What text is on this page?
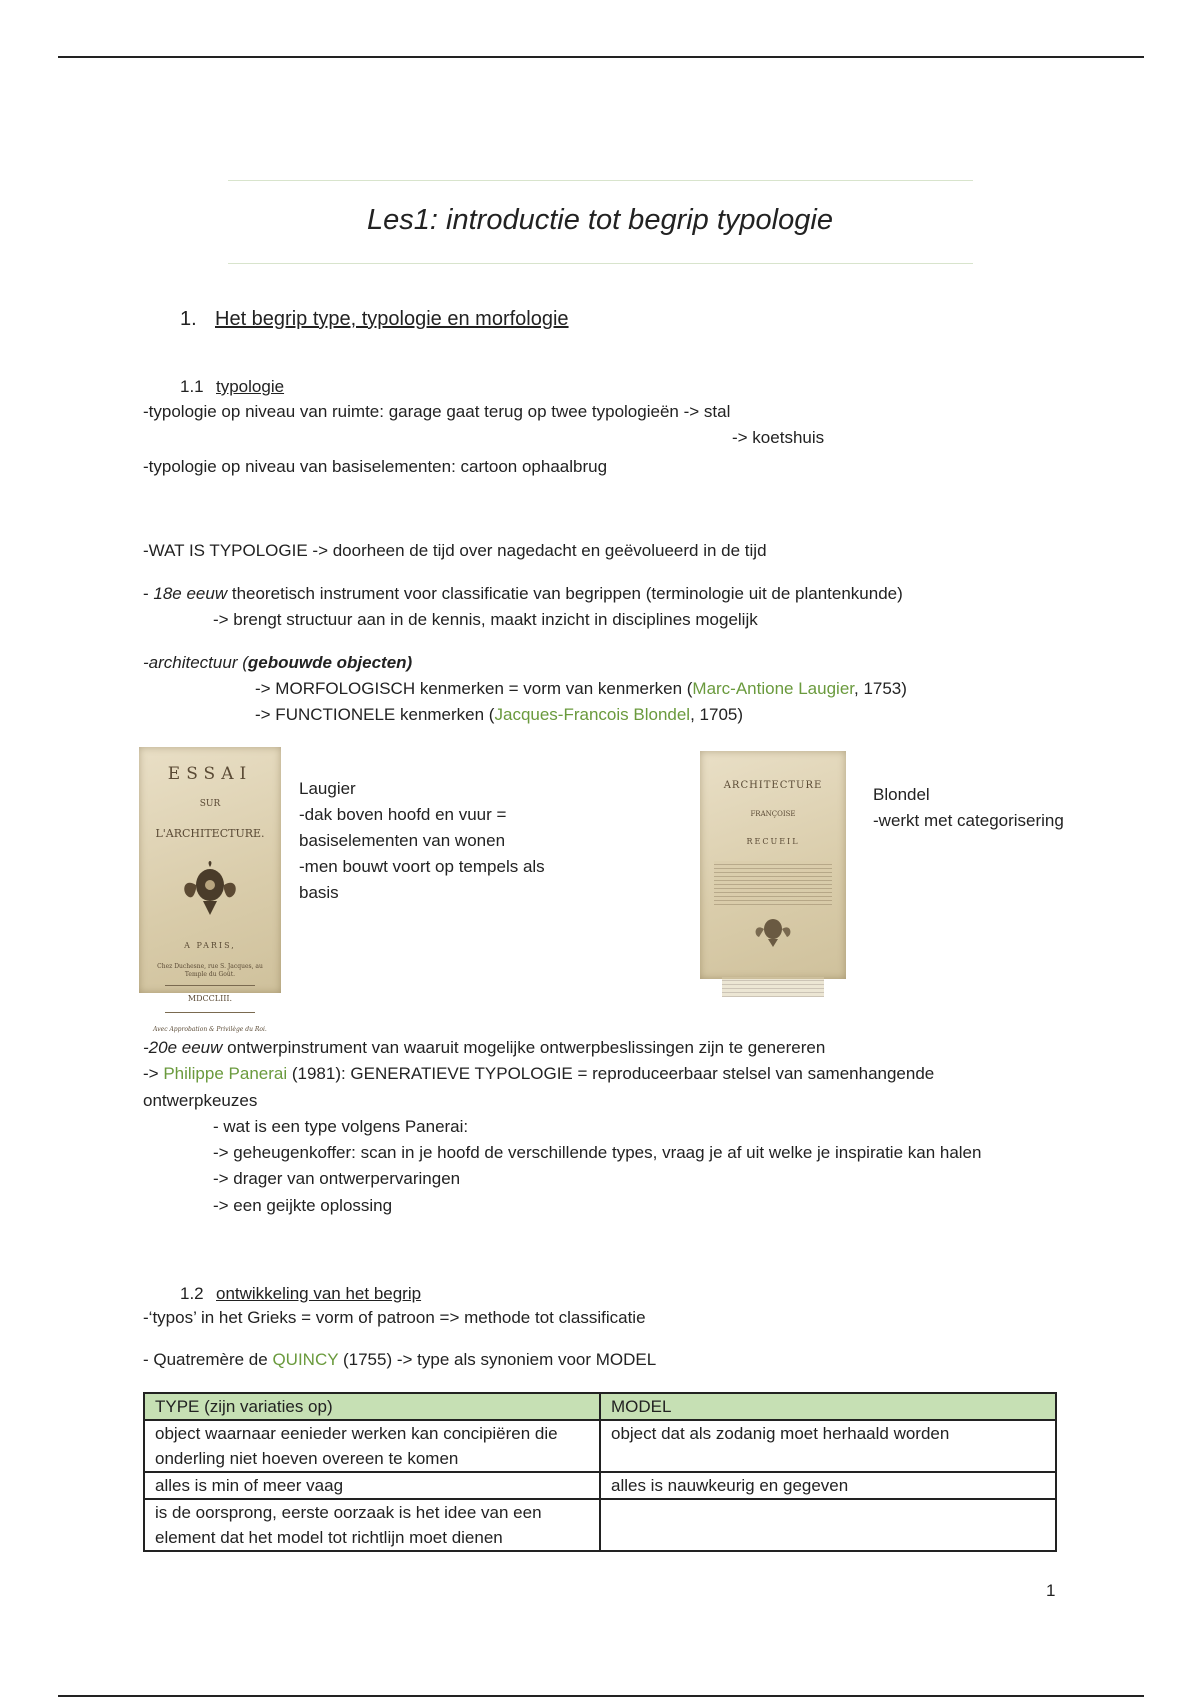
Les1: introductie tot begrip typologie
1. Het begrip type, typologie en morfologie
1.1 typologie
-typologie op niveau van ruimte: garage gaat terug op twee typologieën -> stal
-> koetshuis
-typologie op niveau van basiselementen: cartoon ophaalbrug
-WAT IS TYPOLOGIE -> doorheen de tijd over nagedacht en geëvolueerd in de tijd
- 18e eeuw theoretisch instrument voor classificatie van begrippen (terminologie uit de plantenkunde)
-> brengt structuur aan in de kennis, maakt inzicht in disciplines mogelijk
-architectuur (gebouwde objecten)
-> MORFOLOGISCH kenmerken = vorm van kenmerken (Marc-Antione Laugier, 1753)
-> FUNCTIONELE kenmerken (Jacques-Francois Blondel, 1705)
ESSAI
SUR
L'ARCHITECTURE.
A PARIS,
Chez Duchesne, rue S. Jacques, au Temple du Goût.
MDCCLIII.
Avec Approbation & Privilège du Roi.
Laugier
-dak boven hoofd en vuur =
basiselementen van wonen
-men bouwt voort op tempels als
basis
ARCHITECTURE
FRANÇOISE
RECUEIL
Blondel
-werkt met categorisering
-20e eeuw ontwerpinstrument van waaruit mogelijke ontwerpbeslissingen zijn te genereren
-> Philippe Panerai (1981): GENERATIEVE TYPOLOGIE = reproduceerbaar stelsel van samenhangende
ontwerpkeuzes
- wat is een type volgens Panerai:
-> geheugenkoffer: scan in je hoofd de verschillende types, vraag je af uit welke je inspiratie kan halen
-> drager van ontwerpervaringen
-> een geijkte oplossing
1.2 ontwikkeling van het begrip
-‘typos’ in het Grieks = vorm of patroon => methode tot classificatie
- Quatremère de QUINCY (1755) -> type als synoniem voor MODEL
TYPE (zijn variaties op)	MODEL
object waarnaar eenieder werken kan concipiëren die onderling niet hoeven overeen te komen	object dat als zodanig moet herhaald worden
alles is min of meer vaag	alles is nauwkeurig en gegeven
is de oorsprong, eerste oorzaak is het idee van een element dat het model tot richtlijn moet dienen	
1
